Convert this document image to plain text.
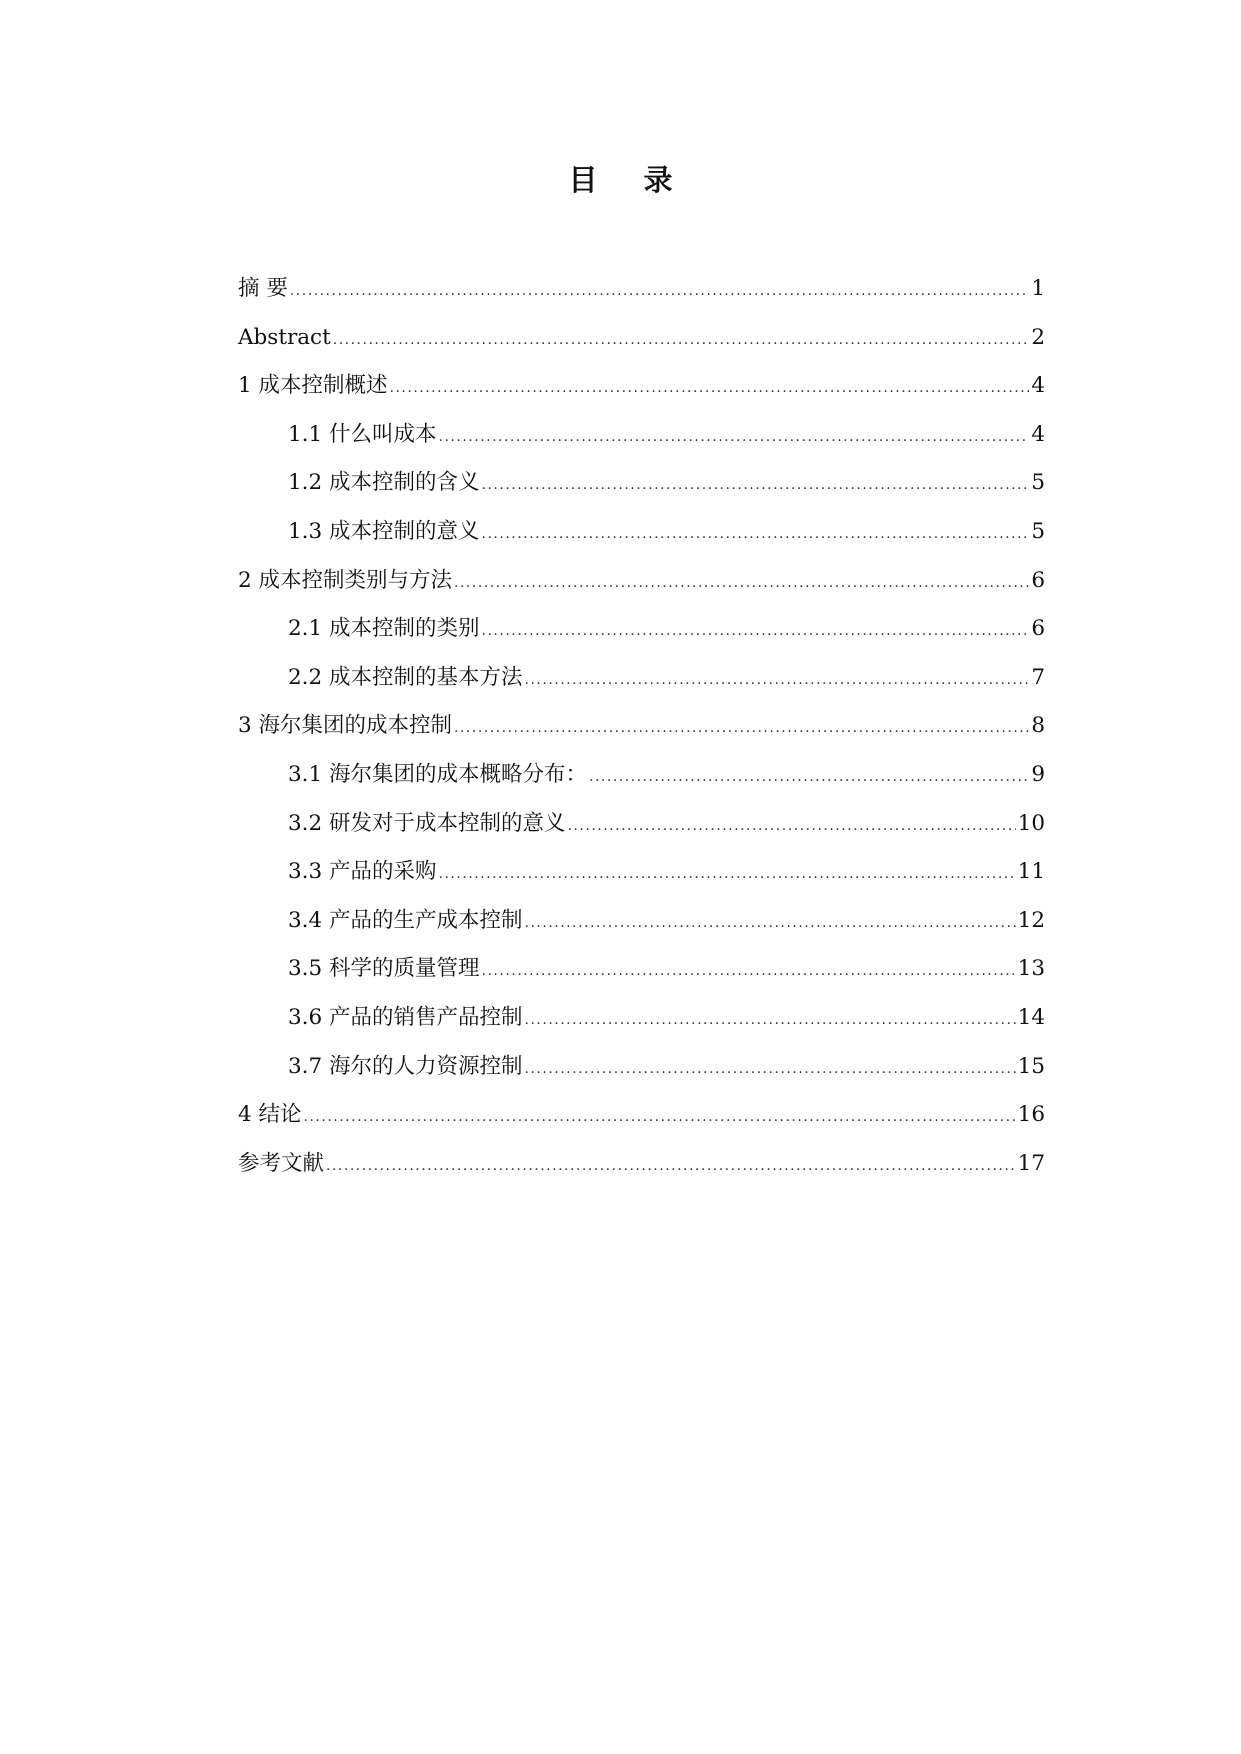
目 录
摘 要 .....	1
Abstract .....	2
1 成本控制概述 .....	4
1.1 什么叫成本 .....	4
1.2 成本控制的含义 .....	5
1.3 成本控制的意义 .....	5
2 成本控制类别与方法 .....	6
2.1 成本控制的类别 .....	6
2.2 成本控制的基本方法 .....	7
3 海尔集团的成本控制 .....	8
3.1 海尔集团的成本概略分布： .....	9
3.2 研发对于成本控制的意义 .....	10
3.3 产品的采购 .....	11
3.4 产品的生产成本控制 .....	12
3.5 科学的质量管理 .....	13
3.6 产品的销售产品控制 .....	14
3.7 海尔的人力资源控制 .....	15
4 结论 .....	16
参考文献 .....	17
